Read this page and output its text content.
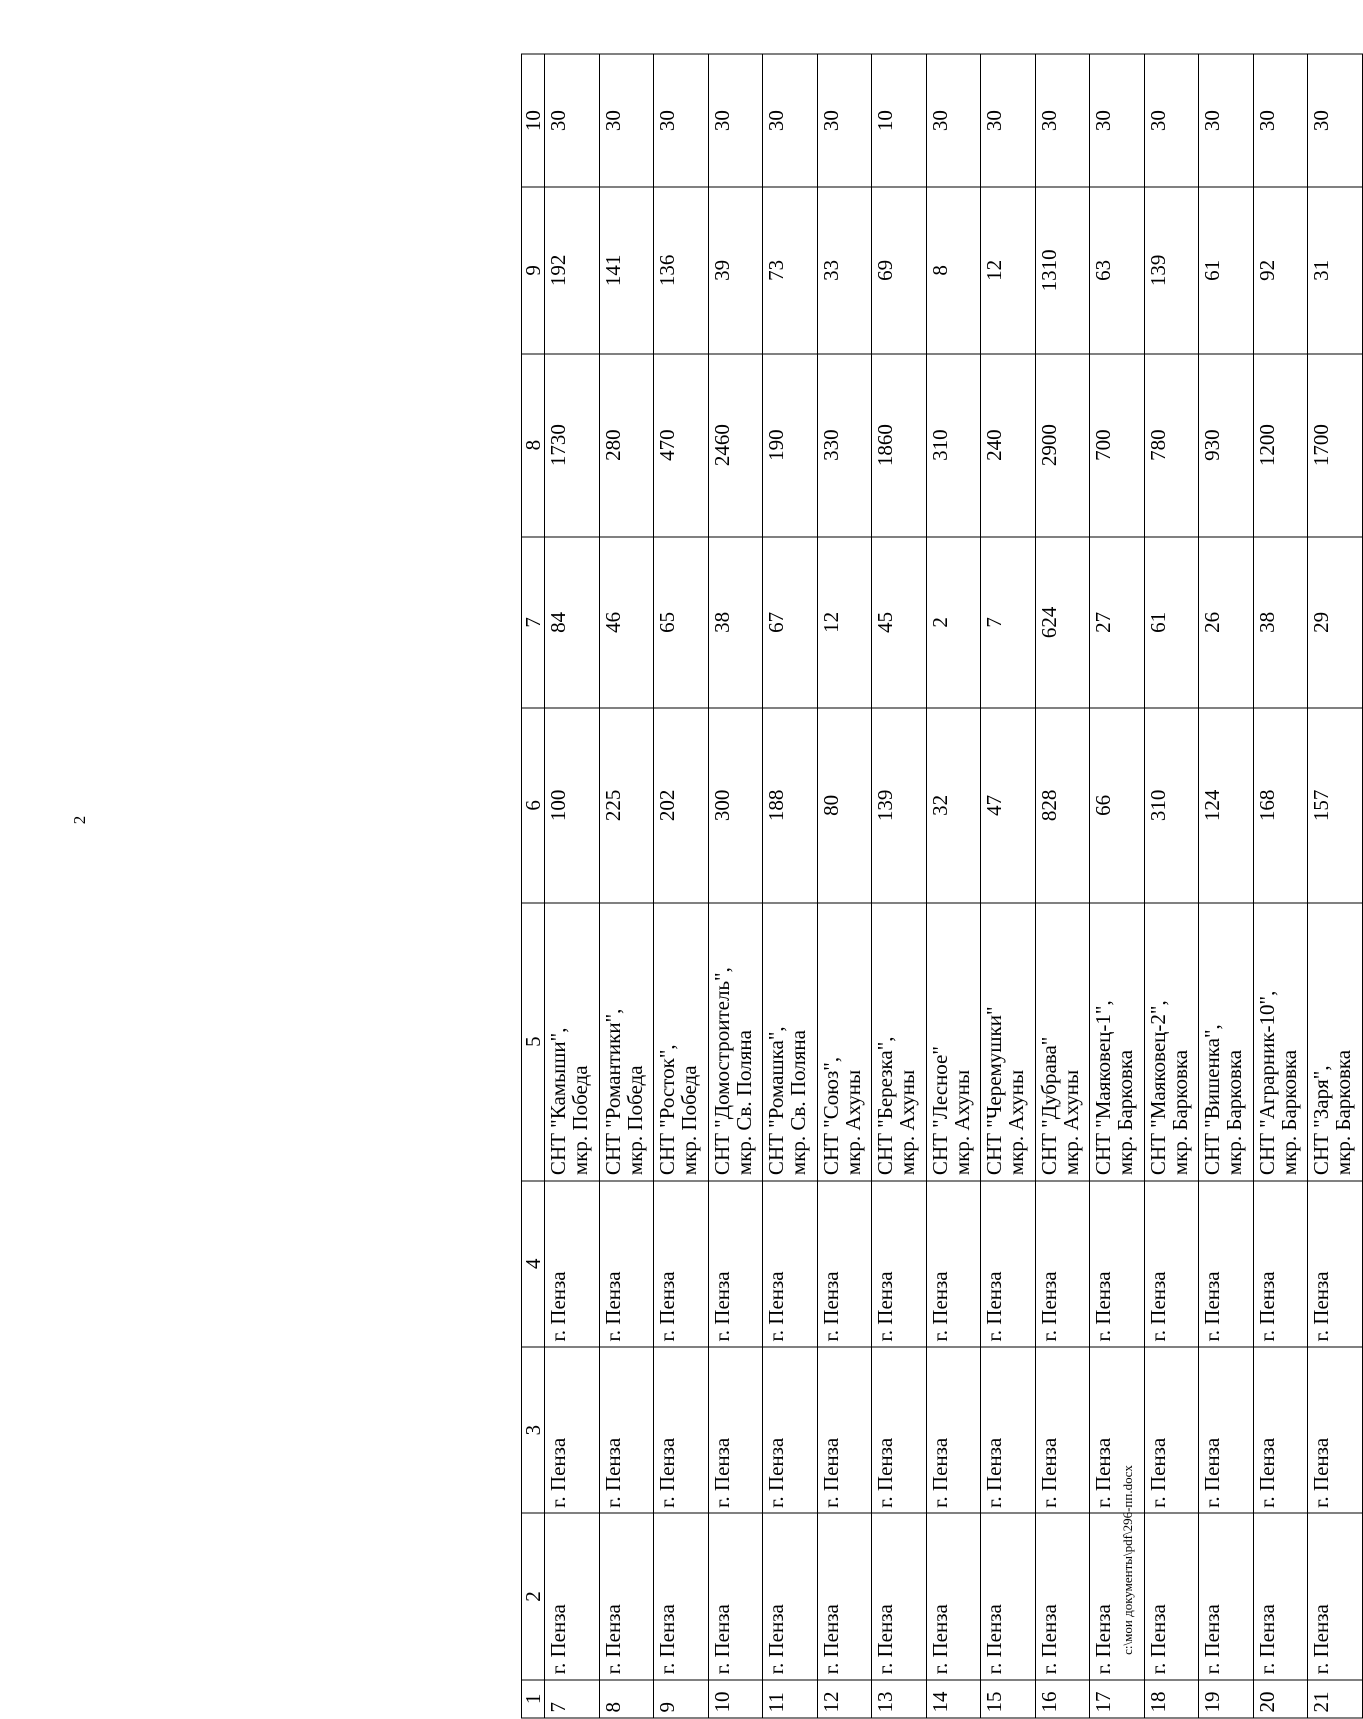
2
1	2	3	4	5	6	7	8	9	10

7	г. Пенза	г. Пенза	г. Пенза	СНТ "Камыши",
мкр. Победа	100	84	1730	192	30

8	г. Пенза	г. Пенза	г. Пенза	СНТ "Романтики",
мкр. Победа	225	46	280	141	30

9	г. Пенза	г. Пенза	г. Пенза	СНТ "Росток",
мкр. Победа	202	65	470	136	30

10	г. Пенза	г. Пенза	г. Пенза	СНТ "Домостроитель",
мкр. Св. Поляна	300	38	2460	39	30

11	г. Пенза	г. Пенза	г. Пенза	СНТ "Ромашка",
мкр. Св. Поляна	188	67	190	73	30

12	г. Пенза	г. Пенза	г. Пенза	СНТ "Союз",
мкр. Ахуны	80	12	330	33	30

13	г. Пенза	г. Пенза	г. Пенза	СНТ "Березка",
мкр. Ахуны	139	45	1860	69	10

14	г. Пенза	г. Пенза	г. Пенза	СНТ "Лесное"
мкр. Ахуны	32	2	310	8	30

15	г. Пенза	г. Пенза	г. Пенза	СНТ "Черемушки"
мкр. Ахуны	47	7	240	12	30

16	г. Пенза	г. Пенза	г. Пенза	СНТ "Дубрава"
мкр. Ахуны	828	624	2900	1310	30

17	г. Пенза	г. Пенза	г. Пенза	СНТ "Маяковец-1",
мкр. Барковка	66	27	700	63	30

18	г. Пенза	г. Пенза	г. Пенза	СНТ "Маяковец-2",
мкр. Барковка	310	61	780	139	30

19	г. Пенза	г. Пенза	г. Пенза	СНТ "Вишенка",
мкр. Барковка	124	26	930	61	30

20	г. Пенза	г. Пенза	г. Пенза	СНТ "Аграрник-10",
мкр. Барковка	168	38	1200	92	30

21	г. Пенза	г. Пенза	г. Пенза	СНТ "Заря",
мкр. Барковка	157	29	1700	31	30
c:\мои документы\pdf\296-пп.docx
